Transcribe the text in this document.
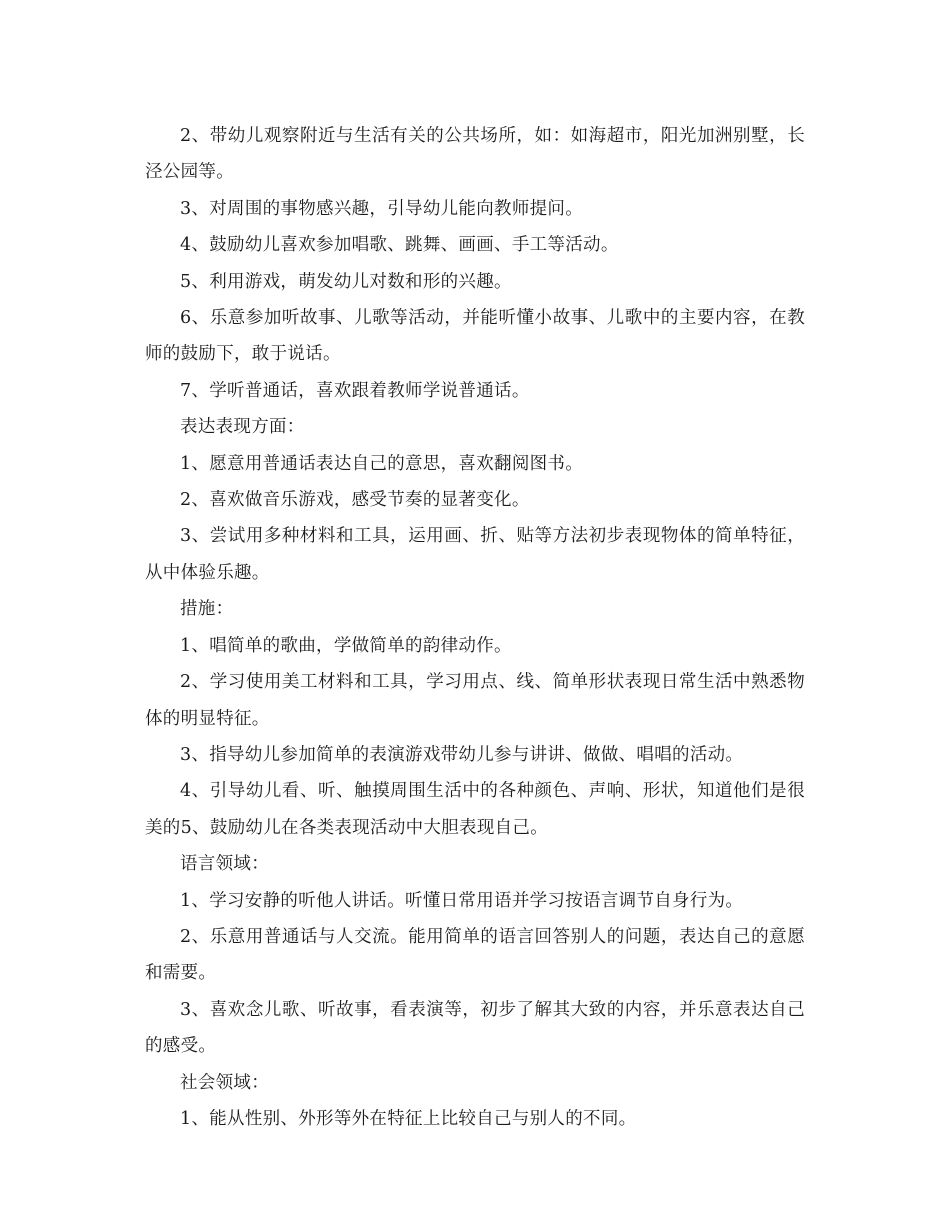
2、带幼儿观察附近与生活有关的公共场所，如：如海超市，阳光加洲别墅，长泾公园等。

3、对周围的事物感兴趣，引导幼儿能向教师提问。

4、鼓励幼儿喜欢参加唱歌、跳舞、画画、手工等活动。

5、利用游戏，萌发幼儿对数和形的兴趣。

6、乐意参加听故事、儿歌等活动，并能听懂小故事、儿歌中的主要内容，在教师的鼓励下，敢于说话。

7、学听普通话，喜欢跟着教师学说普通话。

表达表现方面：

1、愿意用普通话表达自己的意思，喜欢翻阅图书。

2、喜欢做音乐游戏，感受节奏的显著变化。

3、尝试用多种材料和工具，运用画、折、贴等方法初步表现物体的简单特征，从中体验乐趣。

措施：

1、唱简单的歌曲，学做简单的韵律动作。

2、学习使用美工材料和工具，学习用点、线、简单形状表现日常生活中熟悉物体的明显特征。

3、指导幼儿参加简单的表演游戏带幼儿参与讲讲、做做、唱唱的活动。

4、引导幼儿看、听、触摸周围生活中的各种颜色、声响、形状，知道他们是很美的5、鼓励幼儿在各类表现活动中大胆表现自己。

语言领域：

1、学习安静的听他人讲话。听懂日常用语并学习按语言调节自身行为。

2、乐意用普通话与人交流。能用简单的语言回答别人的问题，表达自己的意愿和需要。

3、喜欢念儿歌、听故事，看表演等，初步了解其大致的内容，并乐意表达自己的感受。

社会领域：

1、能从性别、外形等外在特征上比较自己与别人的不同。
